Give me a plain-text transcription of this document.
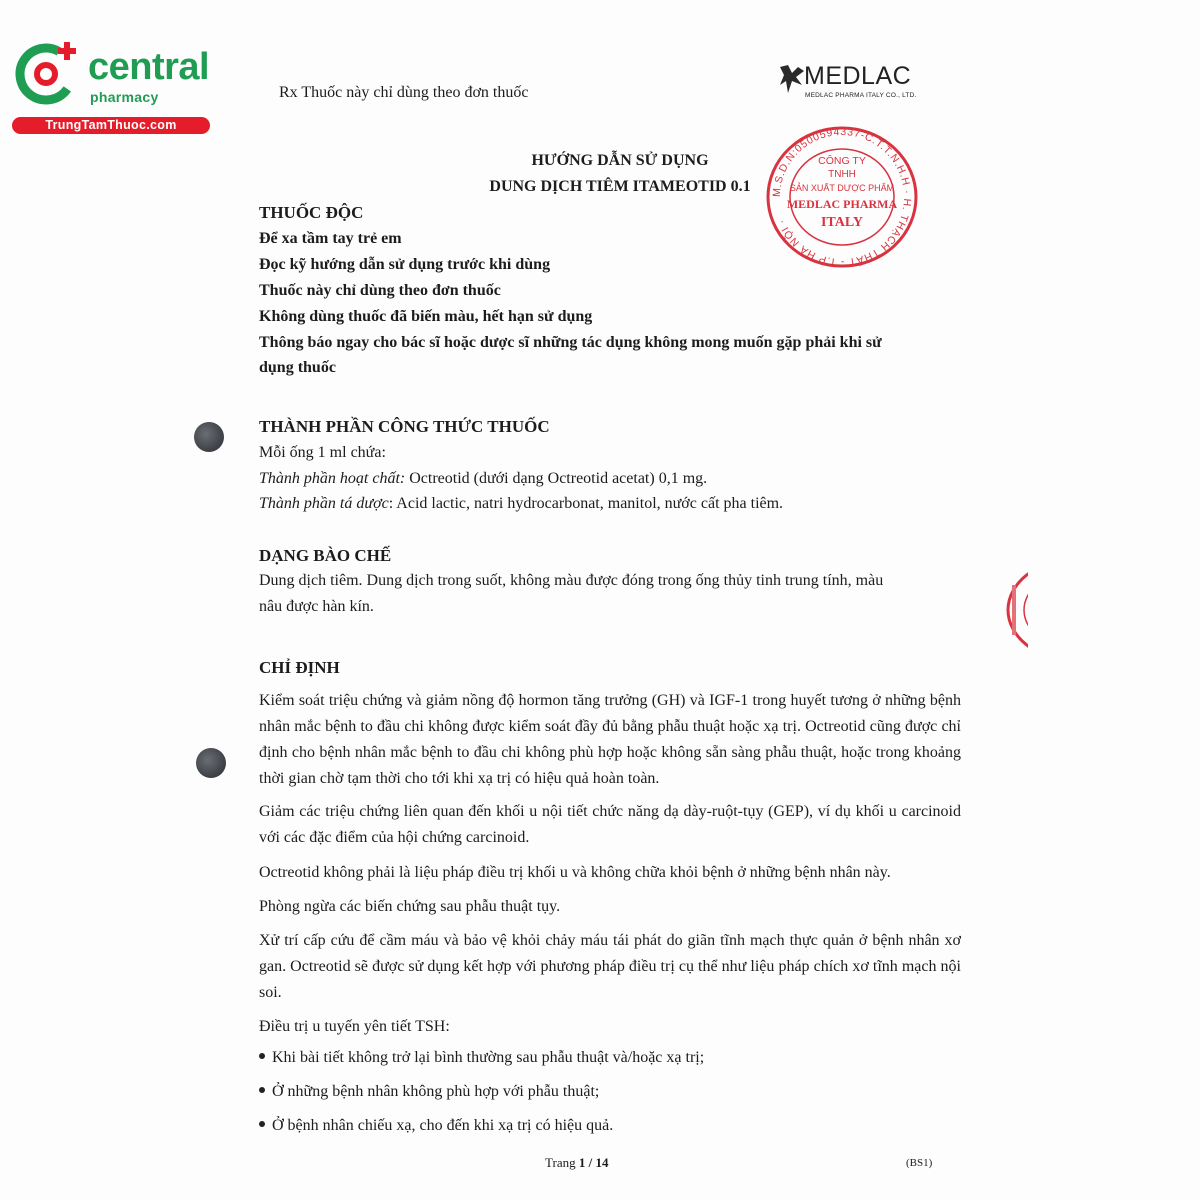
central
pharmacy
TrungTamThuoc.com
Rx Thuốc này chỉ dùng theo đơn thuốc
MEDLAC
MEDLAC PHARMA ITALY CO., LTD.
M.S.D.N:0500594337-C.T.T.N.H.H · H. THẠCH THẤT - T.P HÀ NỘI ·
CÔNG TY
TNHH
SẢN XUẤT DƯỢC PHẨM
MEDLAC PHARMA
ITALY
HƯỚNG DẪN SỬ DỤNG
DUNG DỊCH TIÊM ITAMEOTID 0.1
THUỐC ĐỘC
Để xa tầm tay trẻ em
Đọc kỹ hướng dẫn sử dụng trước khi dùng
Thuốc này chỉ dùng theo đơn thuốc
Không dùng thuốc đã biến màu, hết hạn sử dụng
Thông báo ngay cho bác sĩ hoặc dược sĩ những tác dụng không mong muốn gặp phải khi sử
dụng thuốc
THÀNH PHẦN CÔNG THỨC THUỐC
Mỗi ống 1 ml chứa:
Thành phần hoạt chất: Octreotid (dưới dạng Octreotid acetat) 0,1 mg.
Thành phần tá dược: Acid lactic, natri hydrocarbonat, manitol, nước cất pha tiêm.
DẠNG BÀO CHẾ
Dung dịch tiêm. Dung dịch trong suốt, không màu được đóng trong ống thủy tinh trung tính, màu
nâu được hàn kín.
CHỈ ĐỊNH
Kiểm soát triệu chứng và giảm nồng độ hormon tăng trưởng (GH) và IGF-1 trong huyết tương ở những bệnh nhân mắc bệnh to đầu chi không được kiểm soát đầy đủ bằng phẫu thuật hoặc xạ trị. Octreotid cũng được chỉ định cho bệnh nhân mắc bệnh to đầu chi không phù hợp hoặc không sẵn sàng phẫu thuật, hoặc trong khoảng thời gian chờ tạm thời cho tới khi xạ trị có hiệu quả hoàn toàn.
Giảm các triệu chứng liên quan đến khối u nội tiết chức năng dạ dày-ruột-tụy (GEP), ví dụ khối u carcinoid với các đặc điểm của hội chứng carcinoid.
Octreotid không phải là liệu pháp điều trị khối u và không chữa khỏi bệnh ở những bệnh nhân này.
Phòng ngừa các biến chứng sau phẫu thuật tụy.
Xử trí cấp cứu để cầm máu và bảo vệ khỏi chảy máu tái phát do giãn tĩnh mạch thực quản ở bệnh nhân xơ gan. Octreotid sẽ được sử dụng kết hợp với phương pháp điều trị cụ thể như liệu pháp chích xơ tĩnh mạch nội soi.
Điều trị u tuyến yên tiết TSH:
Khi bài tiết không trở lại bình thường sau phẫu thuật và/hoặc xạ trị;
Ở những bệnh nhân không phù hợp với phẫu thuật;
Ở bệnh nhân chiếu xạ, cho đến khi xạ trị có hiệu quả.
Trang 1 / 14	(BS1)
